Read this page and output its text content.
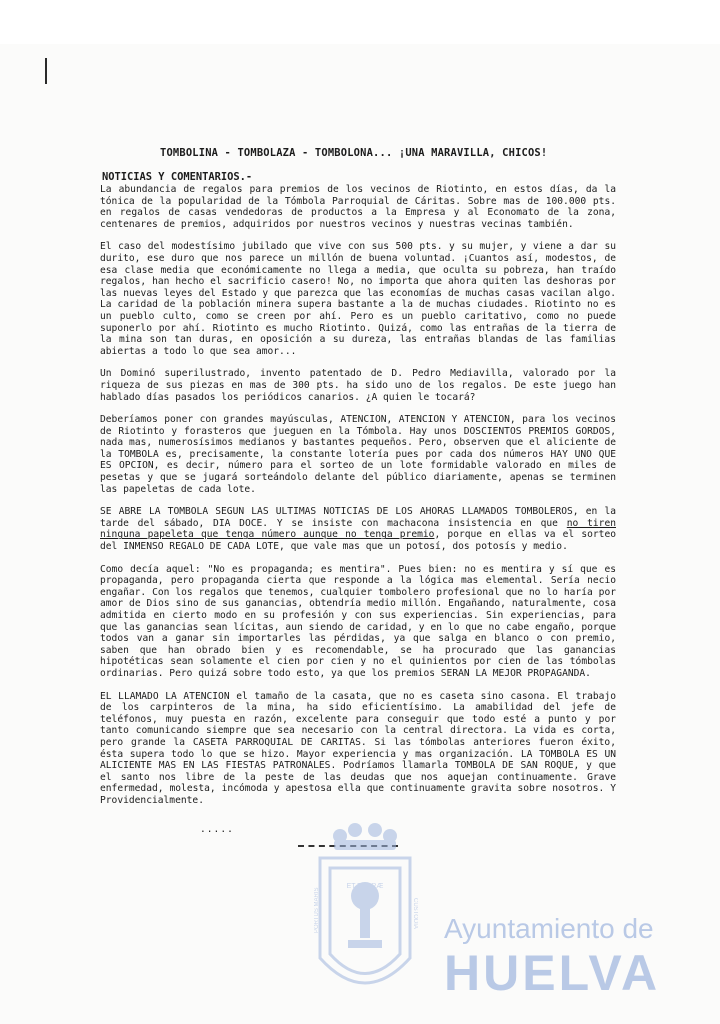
TOMBOLINA - TOMBOLAZA - TOMBOLONA... ¡UNA MARAVILLA, CHICOS!
NOTICIAS Y COMENTARIOS.-

La abundancia de regalos para premios de los vecinos de Riotinto, en estos días, da la tónica de la popularidad de la Tómbola Parroquial de Cáritas. Sobre mas de 100.000 pts. en regalos de casas vendedoras de productos a la Empresa y al Economato de la zona, centenares de premios, adquiridos por nuestros vecinos y nuestras vecinas también.

El caso del modestísimo jubilado que vive con sus 500 pts. y su mujer, y viene a dar su durito, ese duro que nos parece un millón de buena voluntad. ¡Cuantos así, modestos, de esa clase media que económicamente no llega a media, que oculta su pobreza, han traído regalos, han hecho el sacrificio casero! No, no importa que ahora quiten las deshoras por las nuevas leyes del Estado y que parezca que las economías de muchas casas vacilan algo. La caridad de la población minera supera bastante a la de muchas ciudades. Riotinto no es un pueblo culto, como se creen por ahí. Pero es un pueblo caritativo, como no puede suponerlo por ahí. Riotinto es mucho Riotinto. Quizá, como las entrañas de la tierra de la mina son tan duras, en oposición a su dureza, las entrañas blandas de las familias abiertas a todo lo que sea amor...

Un Dominó superilustrado, invento patentado de D. Pedro Mediavilla, valorado por la riqueza de sus piezas en mas de 300 pts. ha sido uno de los regalos. De este juego han hablado días pasados los periódicos canarios. ¿A quien le tocará?

Deberíamos poner con grandes mayúsculas, ATENCION, ATENCION Y ATENCION, para los vecinos de Riotinto y forasteros que jueguen en la Tómbola. Hay unos DOSCIENTOS PREMIOS GORDOS, nada mas, numerosísimos medianos y bastantes pequeños. Pero, observen que el aliciente de la TOMBOLA es, precisamente, la constante lotería pues por cada dos números HAY UNO QUE ES OPCION, es decir, número para el sorteo de un lote formidable valorado en miles de pesetas y que se jugará sorteándolo delante del público diariamente, apenas se terminen las papeletas de cada lote.

SE ABRE LA TOMBOLA SEGUN LAS ULTIMAS NOTICIAS DE LOS AHORAS LLAMADOS TOMBOLEROS, en la tarde del sábado, DIA DOCE. Y se insiste con machacona insistencia en que no tiren ninguna papeleta que tenga número aunque no tenga premio, porque en ellas va el sorteo del INMENSO REGALO DE CADA LOTE, que vale mas que un potosí, dos potosís y medio.

Como decía aquel: "No es propaganda; es mentira". Pues bien: no es mentira y sí que es propaganda, pero propaganda cierta que responde a la lógica mas elemental. Sería necio engañar. Con los regalos que tenemos, cualquier tombolero profesional que no lo haría por amor de Dios sino de sus ganancias, obtendría medio millón. Engañando, naturalmente, cosa admitida en cierto modo en su profesión y con sus experiencias. Sin experiencias, para que las ganancias sean lícitas, aun siendo de caridad, y en lo que no cabe engaño, porque todos van a ganar sin importarles las pérdidas, ya que salga en blanco o con premio, saben que han obrado bien y es recomendable, se ha procurado que las ganancias hipotéticas sean solamente el cien por cien y no el quinientos por cien de las tómbolas ordinarias. Pero quizá sobre todo esto, ya que los premios SERAN LA MEJOR PROPAGANDA.

EL LLAMADO LA ATENCION el tamaño de la casata, que no es caseta sino casona. El trabajo de los carpinteros de la mina, ha sido eficientísimo. La amabilidad del jefe de teléfonos, muy puesta en razón, excelente para conseguir que todo esté a punto y por tanto comunicando siempre que sea necesario con la central directora. La vida es corta, pero grande la CASETA PARROQUIAL DE CARITAS. Si las tómbolas anteriores fueron éxito, ésta supera todo lo que se hizo. Mayor experiencia y mas organización. LA TOMBOLA ES UN ALICIENTE MAS EN LAS FIESTAS PATRONALES. Podríamos llamarla TOMBOLA DE SAN ROQUE, y que el santo nos libre de la peste de las deudas que nos aquejan continuamente. Grave enfermedad, molesta, incómoda y apestosa ella que continuamente gravita sobre nosotros. Y Providencialmente.

.....
ET TERRÆ
PORTUS MARIS	CUSTODIA Ayuntamiento de
HUELVA
